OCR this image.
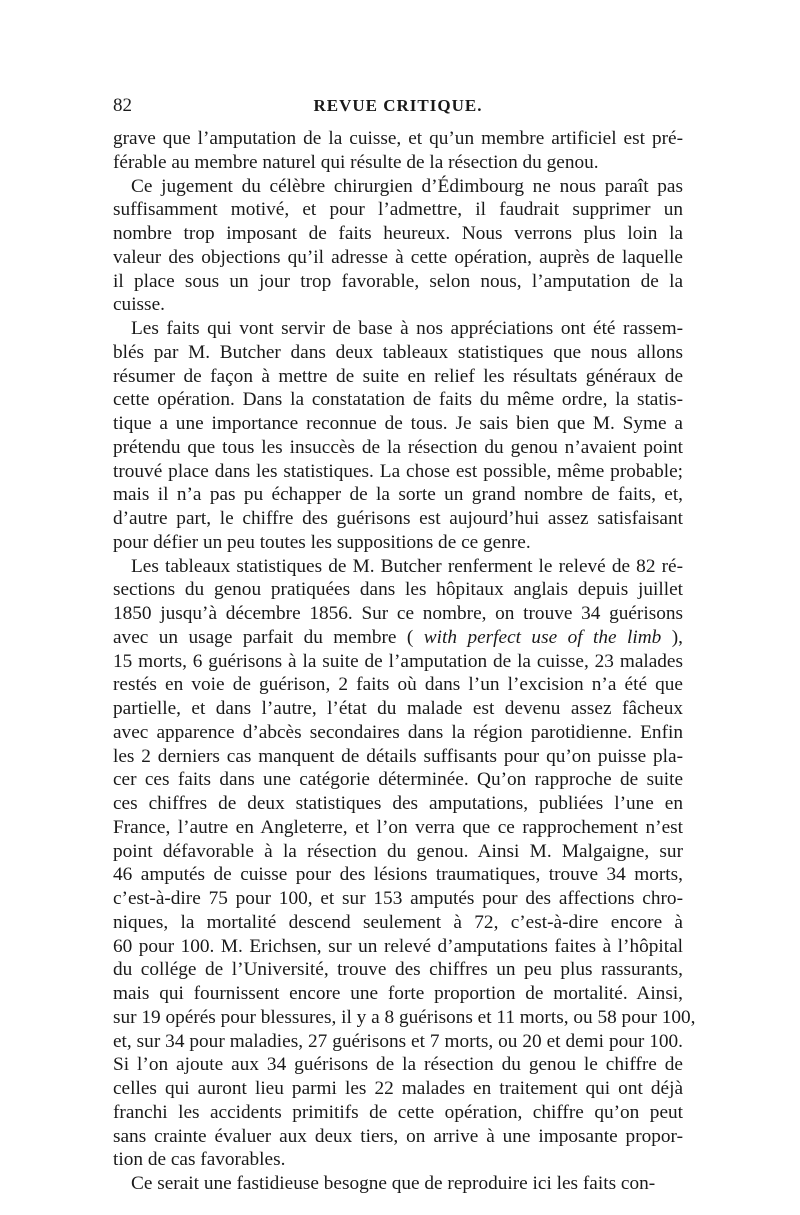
82	REVUE CRITIQUE.
grave que l’amputation de la cuisse, et qu’un membre artificiel est pré-
férable au membre naturel qui résulte de la résection du genou.
Ce jugement du célèbre chirurgien d’Édimbourg ne nous paraît pas
suffisamment motivé, et pour l’admettre, il faudrait supprimer un
nombre trop imposant de faits heureux. Nous verrons plus loin la
valeur des objections qu’il adresse à cette opération, auprès de laquelle
il place sous un jour trop favorable, selon nous, l’amputation de la
cuisse.
Les faits qui vont servir de base à nos appréciations ont été rassem-
blés par M. Butcher dans deux tableaux statistiques que nous allons
résumer de façon à mettre de suite en relief les résultats généraux de
cette opération. Dans la constatation de faits du même ordre, la statis-
tique a une importance reconnue de tous. Je sais bien que M. Syme a
prétendu que tous les insuccès de la résection du genou n’avaient point
trouvé place dans les statistiques. La chose est possible, même probable;
mais il n’a pas pu échapper de la sorte un grand nombre de faits, et,
d’autre part, le chiffre des guérisons est aujourd’hui assez satisfaisant
pour défier un peu toutes les suppositions de ce genre.
Les tableaux statistiques de M. Butcher renferment le relevé de 82 ré-
sections du genou pratiquées dans les hôpitaux anglais depuis juillet
1850 jusqu’à décembre 1856. Sur ce nombre, on trouve 34 guérisons
avec un usage parfait du membre ( with perfect use of the limb ),
15 morts, 6 guérisons à la suite de l’amputation de la cuisse, 23 malades
restés en voie de guérison, 2 faits où dans l’un l’excision n’a été que
partielle, et dans l’autre, l’état du malade est devenu assez fâcheux
avec apparence d’abcès secondaires dans la région parotidienne. Enfin
les 2 derniers cas manquent de détails suffisants pour qu’on puisse pla-
cer ces faits dans une catégorie déterminée. Qu’on rapproche de suite
ces chiffres de deux statistiques des amputations, publiées l’une en
France, l’autre en Angleterre, et l’on verra que ce rapprochement n’est
point défavorable à la résection du genou. Ainsi M. Malgaigne, sur
46 amputés de cuisse pour des lésions traumatiques, trouve 34 morts,
c’est-à-dire 75 pour 100, et sur 153 amputés pour des affections chro-
niques, la mortalité descend seulement à 72, c’est-à-dire encore à
60 pour 100. M. Erichsen, sur un relevé d’amputations faites à l’hôpital
du collége de l’Université, trouve des chiffres un peu plus rassurants,
mais qui fournissent encore une forte proportion de mortalité. Ainsi,
sur 19 opérés pour blessures, il y a 8 guérisons et 11 morts, ou 58 pour 100,
et, sur 34 pour maladies, 27 guérisons et 7 morts, ou 20 et demi pour 100.
Si l’on ajoute aux 34 guérisons de la résection du genou le chiffre de
celles qui auront lieu parmi les 22 malades en traitement qui ont déjà
franchi les accidents primitifs de cette opération, chiffre qu’on peut
sans crainte évaluer aux deux tiers, on arrive à une imposante propor-
tion de cas favorables.
Ce serait une fastidieuse besogne que de reproduire ici les faits con-
